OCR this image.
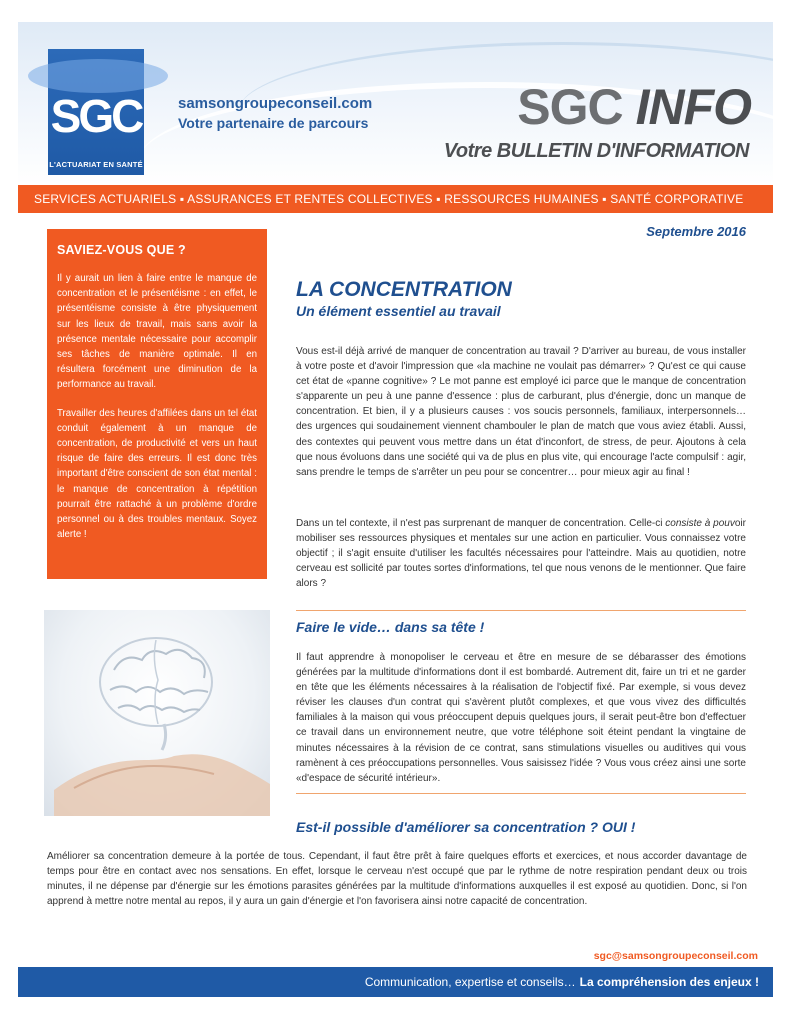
SGC
L'ACTUARIAT EN SANTÉ
samsongroupeconseil.com
Votre partenaire de parcours	SGC INFO
Votre BULLETIN D'INFORMATION
SERVICES ACTUARIELS ▪ ASSURANCES ET RENTES COLLECTIVES ▪ RESSOURCES HUMAINES ▪ SANTÉ CORPORATIVE
Septembre 2016
SAVIEZ-VOUS QUE ?

Il y aurait un lien à faire entre le manque de concentration et le présentéisme : en effet, le présentéisme consiste à être physiquement sur les lieux de travail, mais sans avoir la présence mentale nécessaire pour accomplir ses tâches de manière optimale. Il en résultera forcément une diminution de la performance au travail.

Travailler des heures d'affilées dans un tel état conduit également à un manque de concentration, de productivité et vers un haut risque de faire des erreurs. Il est donc très important d'être conscient de son état mental : le manque de concentration à répétition pourrait être rattaché à un problème d'ordre personnel ou à des troubles mentaux. Soyez alerte !

LA CONCENTRATION
Un élément essentiel au travail

Vous est-il déjà arrivé de manquer de concentration au travail ? D'arriver au bureau, de vous installer à votre poste et d'avoir l'impression que «la machine ne voulait pas démarrer» ? Qu'est ce qui cause cet état de «panne cognitive» ? Le mot panne est employé ici parce que le manque de concentration s'apparente un peu à une panne d'essence : plus de carburant, plus d'énergie, donc un manque de concentration. Et bien, il y a plusieurs causes : vos soucis personnels, familiaux, interpersonnels… des urgences qui soudainement viennent chambouler le plan de match que vous aviez établi. Aussi, des contextes qui peuvent vous mettre dans un état d'inconfort, de stress, de peur. Ajoutons à cela que nous évoluons dans une société qui va de plus en plus vite, qui encourage l'acte compulsif : agir, sans prendre le temps de s'arrêter un peu pour se concentrer… pour mieux agir au final !

Dans un tel contexte, il n'est pas surprenant de manquer de concentration. Celle-ci consiste à pouvoir mobiliser ses ressources physiques et mentales sur une action en particulier. Vous connaissez votre objectif ; il s'agit ensuite d'utiliser les facultés nécessaires pour l'atteindre. Mais au quotidien, notre cerveau est sollicité par toutes sortes d'informations, tel que nous venons de le mentionner. Que faire alors ?

Faire le vide… dans sa tête !

Il faut apprendre à monopoliser le cerveau et être en mesure de se débarasser des émotions générées par la multitude d'informations dont il est bombardé. Autrement dit, faire un tri et ne garder en tête que les éléments nécessaires à la réalisation de l'objectif fixé. Par exemple, si vous devez réviser les clauses d'un contrat qui s'avèrent plutôt complexes, et que vous vivez des difficultés familiales à la maison qui vous préoccupent depuis quelques jours, il serait peut-être bon d'effectuer ce travail dans un environnement neutre, que votre téléphone soit éteint pendant la vingtaine de minutes nécessaires à la révision de ce contrat, sans stimulations visuelles ou auditives qui vous ramènent à ces préoccupations personnelles. Vous saisissez l'idée ? Vous vous créez ainsi une sorte «d'espace de sécurité intérieur».

Est-il possible d'améliorer sa concentration ? OUI !

Améliorer sa concentration demeure à la portée de tous. Cependant, il faut être prêt à faire quelques efforts et exercices, et nous accorder davantage de temps pour être en contact avec nos sensations. En effet, lorsque le cerveau n'est occupé que par le rythme de notre respiration pendant deux ou trois minutes, il ne dépense par d'énergie sur les émotions parasites générées par la multitude d'informations auxquelles il est exposé au quotidien. Donc, si l'on apprend à mettre notre mental au repos, il y aura un gain d'énergie et l'on favorisera ainsi notre capacité de concentration.

sgc@samsongroupeconseil.com
Communication, expertise et conseils… La compréhension des enjeux !
